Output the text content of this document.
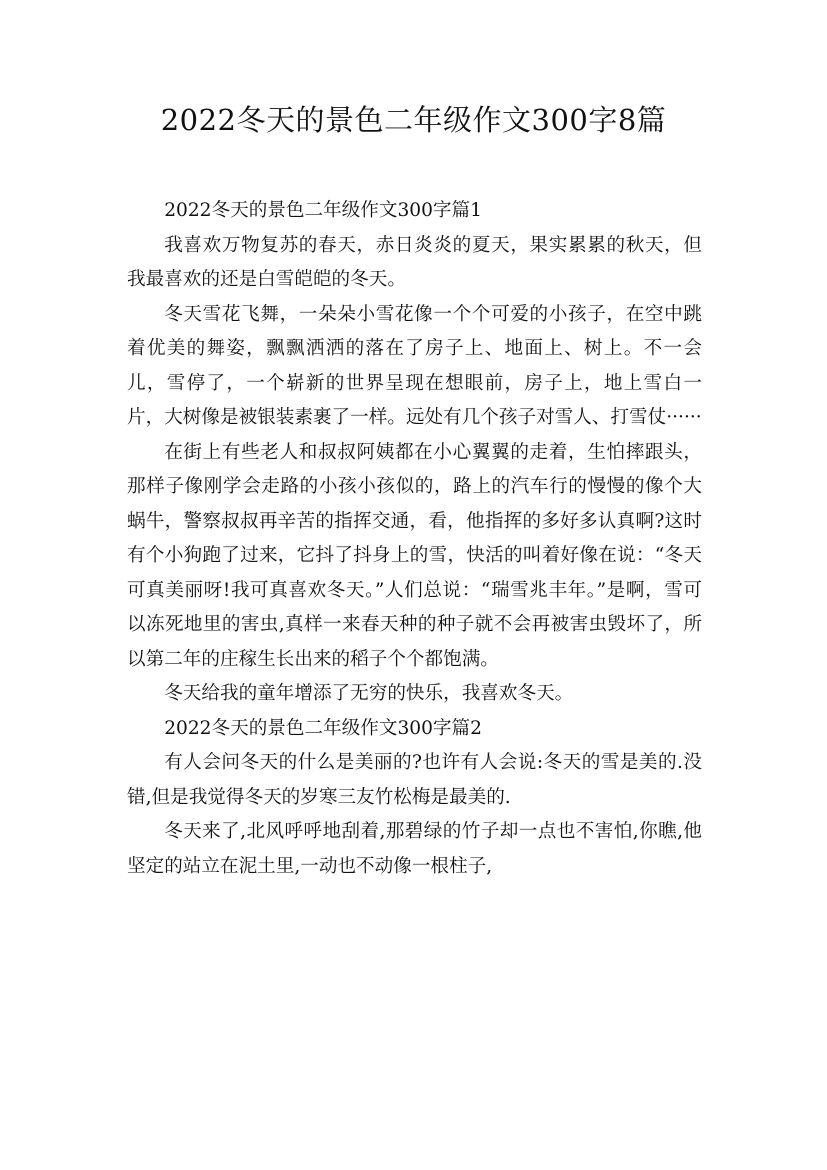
2022冬天的景色二年级作文300字8篇

2022冬天的景色二年级作文300字篇1

我喜欢万物复苏的春天，赤日炎炎的夏天，果实累累的秋天，但我最喜欢的还是白雪皑皑的冬天。

冬天雪花飞舞，一朵朵小雪花像一个个可爱的小孩子，在空中跳着优美的舞姿，飘飘洒洒的落在了房子上、地面上、树上。不一会儿，雪停了，一个崭新的世界呈现在想眼前，房子上，地上雪白一片，大树像是被银装素裹了一样。远处有几个孩子对雪人、打雪仗······

在街上有些老人和叔叔阿姨都在小心翼翼的走着，生怕摔跟头，那样子像刚学会走路的小孩小孩似的，路上的汽车行的慢慢的像个大蜗牛，警察叔叔再辛苦的指挥交通，看，他指挥的多好多认真啊?这时有个小狗跑了过来，它抖了抖身上的雪，快活的叫着好像在说：“冬天可真美丽呀!我可真喜欢冬天。”人们总说：“瑞雪兆丰年。”是啊，雪可以冻死地里的害虫,真样一来春天种的种子就不会再被害虫毁坏了，所以第二年的庄稼生长出来的稻子个个都饱满。

冬天给我的童年增添了无穷的快乐，我喜欢冬天。

2022冬天的景色二年级作文300字篇2

有人会问冬天的什么是美丽的?也许有人会说:冬天的雪是美的.没错,但是我觉得冬天的岁寒三友竹松梅是最美的.

冬天来了,北风呼呼地刮着,那碧绿的竹子却一点也不害怕,你瞧,他坚定的站立在泥土里,一动也不动像一根柱子,
